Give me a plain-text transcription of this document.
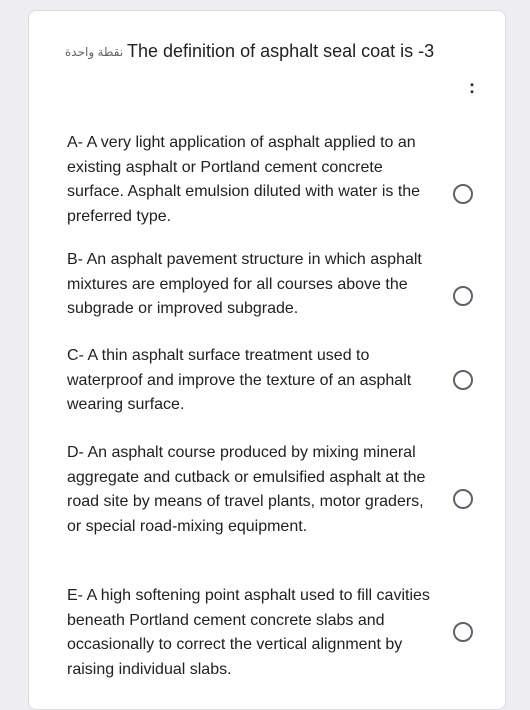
نقطة واحدة The definition of asphalt seal coat is -3
:
A- A very light application of asphalt applied to an existing asphalt or Portland cement concrete surface. Asphalt emulsion diluted with water is the preferred type.
B- An asphalt pavement structure in which asphalt mixtures are employed for all courses above the subgrade or improved subgrade.
C- A thin asphalt surface treatment used to waterproof and improve the texture of an asphalt wearing surface.
D- An asphalt course produced by mixing mineral aggregate and cutback or emulsified asphalt at the road site by means of travel plants, motor graders, or special road-mixing equipment.
E- A high softening point asphalt used to fill cavities beneath Portland cement concrete slabs and occasionally to correct the vertical alignment by raising individual slabs.
